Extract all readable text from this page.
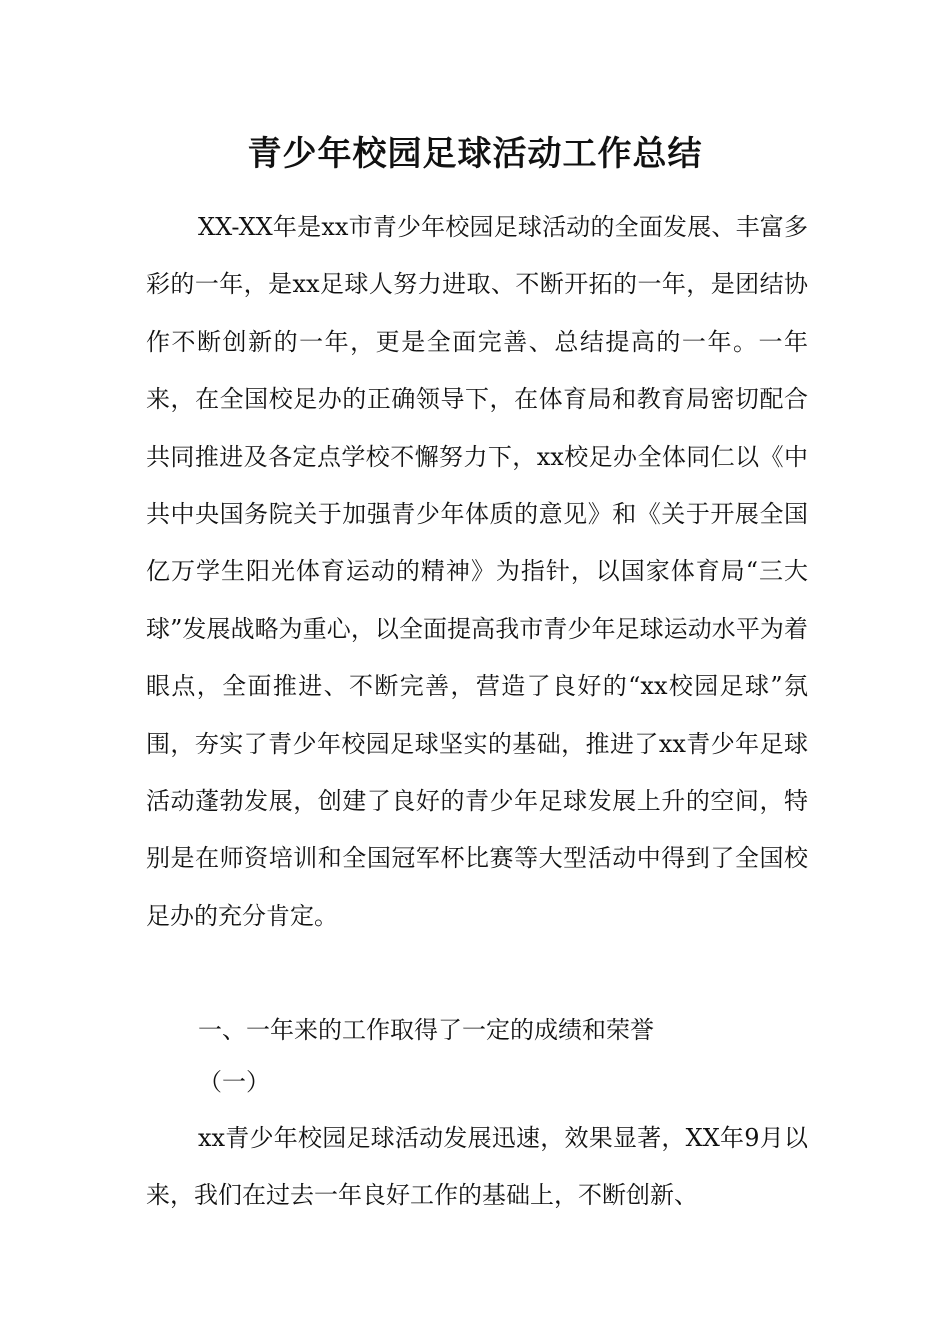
青少年校园足球活动工作总结

XX-XX年是xx市青少年校园足球活动的全面发展、丰富多彩的一年，是xx足球人努力进取、不断开拓的一年，是团结协作不断创新的一年，更是全面完善、总结提高的一年。一年来，在全国校足办的正确领导下，在体育局和教育局密切配合共同推进及各定点学校不懈努力下，xx校足办全体同仁以《中共中央国务院关于加强青少年体质的意见》和《关于开展全国亿万学生阳光体育运动的精神》为指针，以国家体育局“三大球”发展战略为重心，以全面提高我市青少年足球运动水平为着眼点，全面推进、不断完善，营造了良好的“xx校园足球”氛围，夯实了青少年校园足球坚实的基础，推进了xx青少年足球活动蓬勃发展，创建了良好的青少年足球发展上升的空间，特别是在师资培训和全国冠军杯比赛等大型活动中得到了全国校足办的充分肯定。

一、一年来的工作取得了一定的成绩和荣誉

（一）

xx青少年校园足球活动发展迅速，效果显著，XX年9月以来，我们在过去一年良好工作的基础上，不断创新、
